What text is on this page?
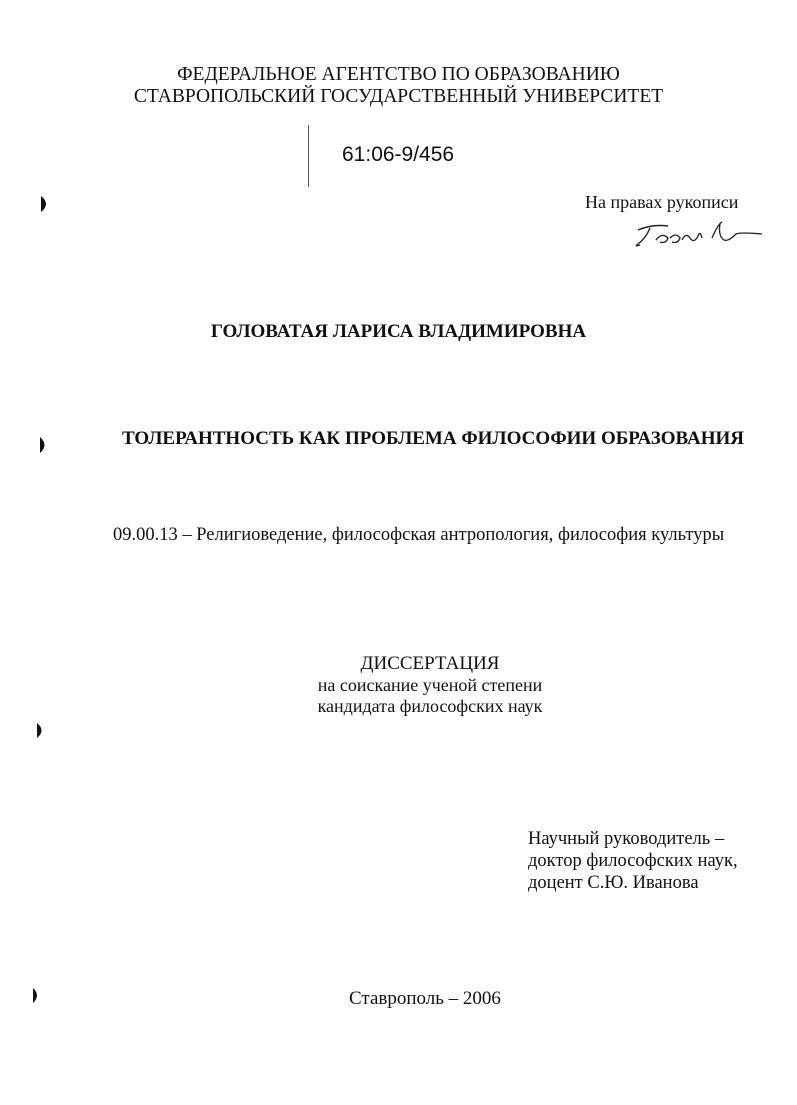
ФЕДЕРАЛЬНОЕ АГЕНТСТВО ПО ОБРАЗОВАНИЮ
СТАВРОПОЛЬСКИЙ ГОСУДАРСТВЕННЫЙ УНИВЕРСИТЕТ
61:06-9/456
На правах рукописи
ГОЛОВАТАЯ ЛАРИСА ВЛАДИМИРОВНА
ТОЛЕРАНТНОСТЬ КАК ПРОБЛЕМА ФИЛОСОФИИ ОБРАЗОВАНИЯ
09.00.13 – Религиоведение, философская антропология, философия культуры
ДИССЕРТАЦИЯ
на соискание ученой степени
кандидата философских наук
Научный руководитель –
доктор философских наук,
доцент С.Ю. Иванова
Ставрополь – 2006
